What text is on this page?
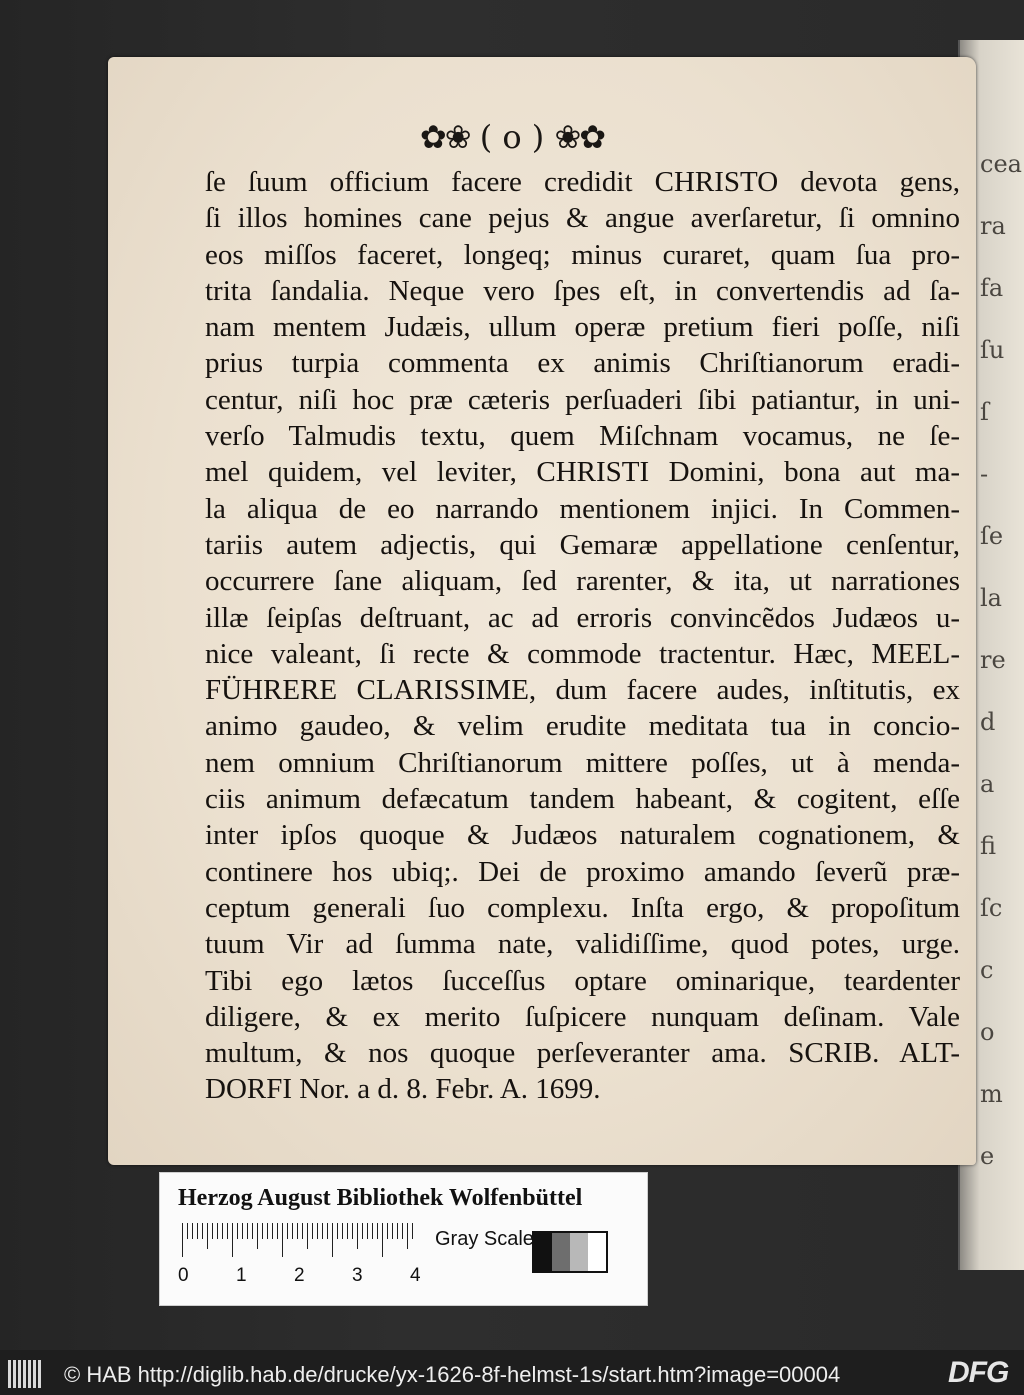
cea
ra
fa
ſu
ſ
-
ſe
la
re
d
a
fi
ſc
c
o
m
e
✿❀ ( o ) ❀✿
ſe ſuum officium facere credidit CHRISTO devota gens,
ſi illos homines cane pejus & angue averſaretur, ſi omnino
eos miſſos faceret, longeq; minus curaret, quam ſua pro-
trita ſandalia. Neque vero ſpes eſt, in convertendis ad ſa-
nam mentem Judæis, ullum operæ pretium fieri poſſe, niſi
prius turpia commenta ex animis Chriſtianorum eradi-
centur, niſi hoc præ cæteris perſuaderi ſibi patiantur, in uni-
verſo Talmudis textu, quem Miſchnam vocamus, ne ſe-
mel quidem, vel leviter, CHRISTI Domini, bona aut ma-
la aliqua de eo narrando mentionem injici. In Commen-
tariis autem adjectis, qui Gemaræ appellatione cenſentur,
occurrere ſane aliquam, ſed rarenter, & ita, ut narrationes
illæ ſeipſas deſtruant, ac ad erroris convincẽdos Judæos u-
nice valeant, ſi recte & commode tractentur. Hæc, MEEL-
FÜHRERE CLARISSIME, dum facere audes, inſtitutis, ex
animo gaudeo, & velim erudite meditata tua in concio-
nem omnium Chriſtianorum mittere poſſes, ut à menda-
ciis animum defæcatum tandem habeant, & cogitent, eſſe
inter ipſos quoque & Judæos naturalem cognationem, &
continere hos ubiq;. Dei de proximo amando ſeverũ præ-
ceptum generali ſuo complexu. Inſta ergo, & propoſitum
tuum Vir ad ſumma nate, validiſſime, quod potes, urge.
Tibi ego lætos ſucceſſus optare ominarique, teardenter
diligere, & ex merito ſuſpicere nunquam deſinam. Vale
multum, & nos quoque perſeveranter ama. SCRIB. ALT-
DORFI Nor. a d. 8. Febr. A. 1699.
Herzog August Bibliothek Wolfenbüttel
0 1 2 3 4
Gray Scale
© HAB http://diglib.hab.de/drucke/yx-1626-8f-helmst-1s/start.htm?image=00004	DFG
